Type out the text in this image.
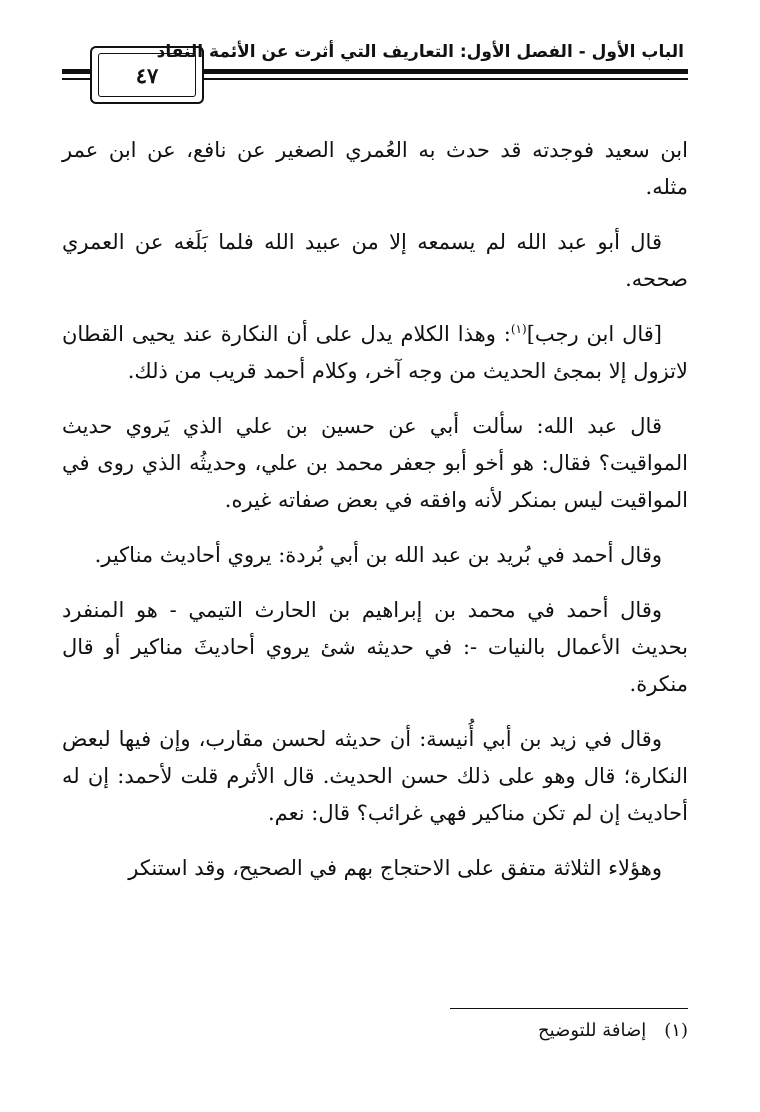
٤٧
الباب الأول - الفصل الأول: التعاريف التي أثرت عن الأئمة النقاد

ابن سعيد فوجدته قد حدث به العُمري الصغير عن نافع، عن ابن عمر مثله.

قال أبو عبد الله لم يسمعه إلا من عبيد الله فلما بَلَغه عن العمري صححه.

[قال ابن رجب]$^{(١)}$: وهذا الكلام يدل على أن النكارة عند يحيى القطان لاتزول إلا بمجئ الحديث من وجه آخر، وكلام أحمد قريب من ذلك.

قال عبد الله: سألت أبي عن حسين بن علي الذي يَروي حديث المواقيت؟ فقال: هو أخو أبو جعفر محمد بن علي، وحديثُه الذي روى في المواقيت ليس بمنكر لأنه وافقه في بعض صفاته غيره.

وقال أحمد في بُريد بن عبد الله بن أبي بُردة: يروي أحاديث مناكير.

وقال أحمد في محمد بن إبراهيم بن الحارث التيمي - هو المنفرد بحديث الأعمال بالنيات -: في حديثه شئ يروي أحاديثَ مناكير أو قال منكرة.

وقال في زيد بن أبي أُنيسة: أن حديثه لحسن مقارب، وإن فيها لبعض النكارة؛ قال وهو على ذلك حسن الحديث. قال الأثرم قلت لأحمد: إن له أحاديث إن لم تكن مناكير فهي غرائب؟ قال: نعم.

وهؤلاء الثلاثة متفق على الاحتجاج بهم في الصحيح، وقد استنكر

(١)إضافة للتوضيح
